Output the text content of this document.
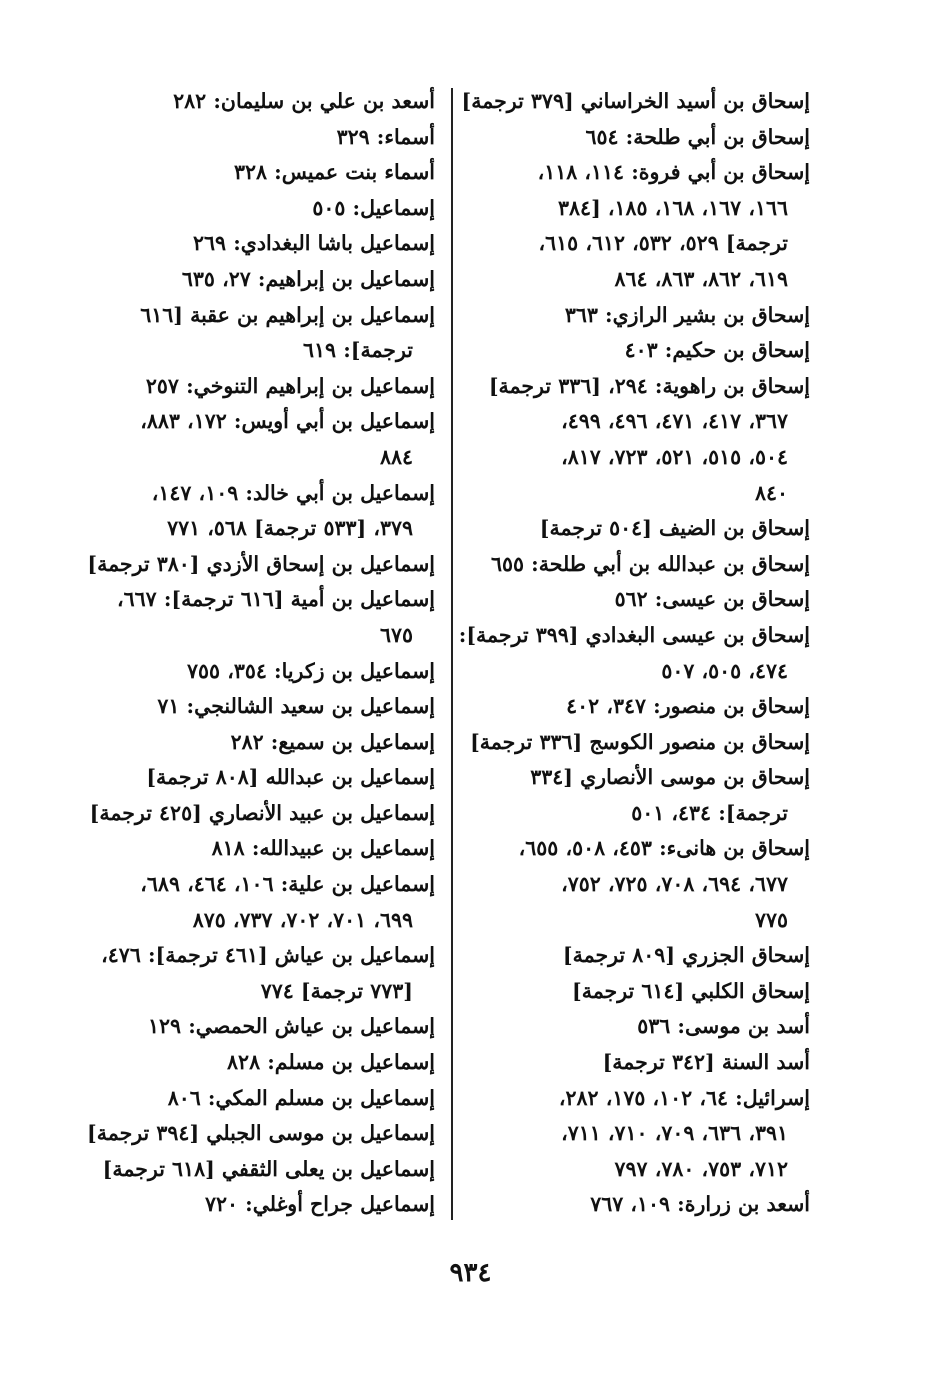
إسحاق بن أسيد الخراساني [٣٧٩ ترجمة]
إسحاق بن أبي طلحة: ٦٥٤
إسحاق بن أبي فروة: ١١٤، ١١٨،
١٦٦، ١٦٧، ١٦٨، ١٨٥، [٣٨٤
ترجمة] ٥٢٩، ٥٣٢، ٦١٢، ٦١٥،
٦١٩، ٨٦٢، ٨٦٣، ٨٦٤
إسحاق بن بشير الرازي: ٣٦٣
إسحاق بن حكيم: ٤٠٣
إسحاق بن راهوية: ٢٩٤، [٣٣٦ ترجمة]
٣٦٧، ٤١٧، ٤٧١، ٤٩٦، ٤٩٩،
٥٠٤، ٥١٥، ٥٢١، ٧٢٣، ٨١٧،
٨٤٠
إسحاق بن الضيف [٥٠٤ ترجمة]
إسحاق بن عبدالله بن أبي طلحة: ٦٥٥
إسحاق بن عيسى: ٥٦٢
إسحاق بن عيسى البغدادي [٣٩٩ ترجمة]:
٤٧٤، ٥٠٥، ٥٠٧
إسحاق بن منصور: ٣٤٧، ٤٠٢
إسحاق بن منصور الكوسج [٣٣٦ ترجمة]
إسحاق بن موسى الأنصاري [٣٣٤
ترجمة]: ٤٣٤، ٥٠١
إسحاق بن هانىء: ٤٥٣، ٥٠٨، ٦٥٥،
٦٧٧، ٦٩٤، ٧٠٨، ٧٢٥، ٧٥٢،
٧٧٥
إسحاق الجزري [٨٠٩ ترجمة]
إسحاق الكلبي [٦١٤ ترجمة]
أسد بن موسى: ٥٣٦
أسد السنة [٣٤٢ ترجمة]
إسرائيل: ٦٤، ١٠٢، ١٧٥، ٢٨٢،
٣٩١، ٦٣٦، ٧٠٩، ٧١٠، ٧١١،
٧١٢، ٧٥٣، ٧٨٠، ٧٩٧
أسعد بن زرارة: ١٠٩، ٧٦٧
أسعد بن علي بن سليمان: ٢٨٢
أسماء: ٣٢٩
أسماء بنت عميس: ٣٢٨
إسماعيل: ٥٠٥
إسماعيل باشا البغدادي: ٢٦٩
إسماعيل بن إبراهيم: ٢٧، ٦٣٥
إسماعيل بن إبراهيم بن عقبة [٦١٦
ترجمة]: ٦١٩
إسماعيل بن إبراهيم التنوخي: ٢٥٧
إسماعيل بن أبي أويس: ١٧٢، ٨٨٣،
٨٨٤
إسماعيل بن أبي خالد: ١٠٩، ١٤٧،
٣٧٩، [٥٣٣ ترجمة] ٥٦٨، ٧٧١
إسماعيل بن إسحاق الأزدي [٣٨٠ ترجمة]
إسماعيل بن أمية [٦١٦ ترجمة]: ٦٦٧،
٦٧٥
إسماعيل بن زكريا: ٣٥٤، ٧٥٥
إسماعيل بن سعيد الشالنجي: ٧١
إسماعيل بن سميع: ٢٨٢
إسماعيل بن عبدالله [٨٠٨ ترجمة]
إسماعيل بن عبيد الأنصاري [٤٢٥ ترجمة]
إسماعيل بن عبيدالله: ٨١٨
إسماعيل بن علية: ١٠٦، ٤٦٤، ٦٨٩،
٦٩٩، ٧٠١، ٧٠٢، ٧٣٧، ٨٧٥
إسماعيل بن عياش [٤٦١ ترجمة]: ٤٧٦،
[٧٧٣ ترجمة] ٧٧٤
إسماعيل بن عياش الحمصي: ١٢٩
إسماعيل بن مسلم: ٨٢٨
إسماعيل بن مسلم المكي: ٨٠٦
إسماعيل بن موسى الجبلي [٣٩٤ ترجمة]
إسماعيل بن يعلى الثقفي [٦١٨ ترجمة]
إسماعيل جراح أوغلي: ٧٢٠
٩٣٤
